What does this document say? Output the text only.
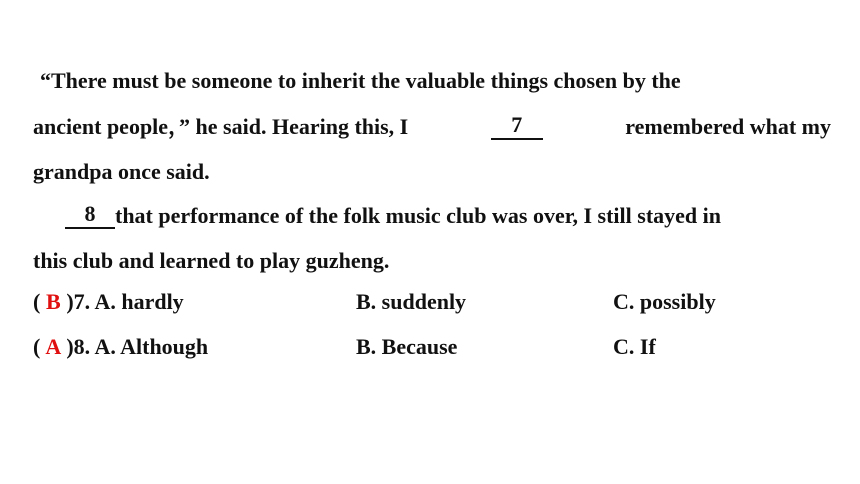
“There must be someone to inherit the valuable things chosen by the
ancient people，” he said. Hearing this, I	7	remembered what my
grandpa once said.
8 that performance of the folk music club was over, I still stayed in
this club and learned to play guzheng.
( B )7. A. hardly	B. suddenly	C. possibly
( A )8. A. Although	B. Because	C. If
